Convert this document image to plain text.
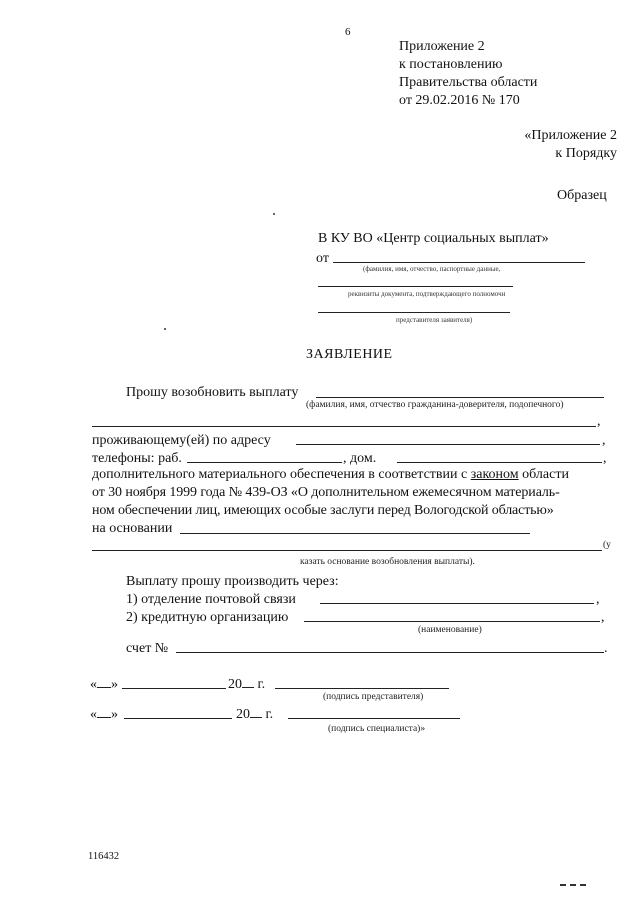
6
Приложение 2
к постановлению
Правительства области
от 29.02.2016 № 170
«Приложение 2
к Порядку
Образец
В КУ ВО «Центр социальных выплат»
от
(фамилия, имя, отчество, паспортные данные,
реквизиты документа, подтверждающего полномочи
представителя заявителя)
ЗАЯВЛЕНИЕ
Прошу возобновить выплату
(фамилия, имя, отчество гражданина-доверителя, подопечного)
,
проживающему(ей) по адресу	,
телефоны: раб.	, дом.	,
дополнительного материального обеспечения в соответствии с законом области
от 30 ноября 1999 года № 439-ОЗ «О дополнительном ежемесячном материаль-
ном обеспечении лиц, имеющих особые заслуги перед Вологодской областью»
на основании
(у
казать основание возобновления выплаты).
Выплату прошу производить через:
1) отделение почтовой связи	,
2) кредитную организацию	,
(наименование)
счет №	.
« »	20 г.
(подпись представителя)
« »	20 г.
(подпись специалиста)»
116432
